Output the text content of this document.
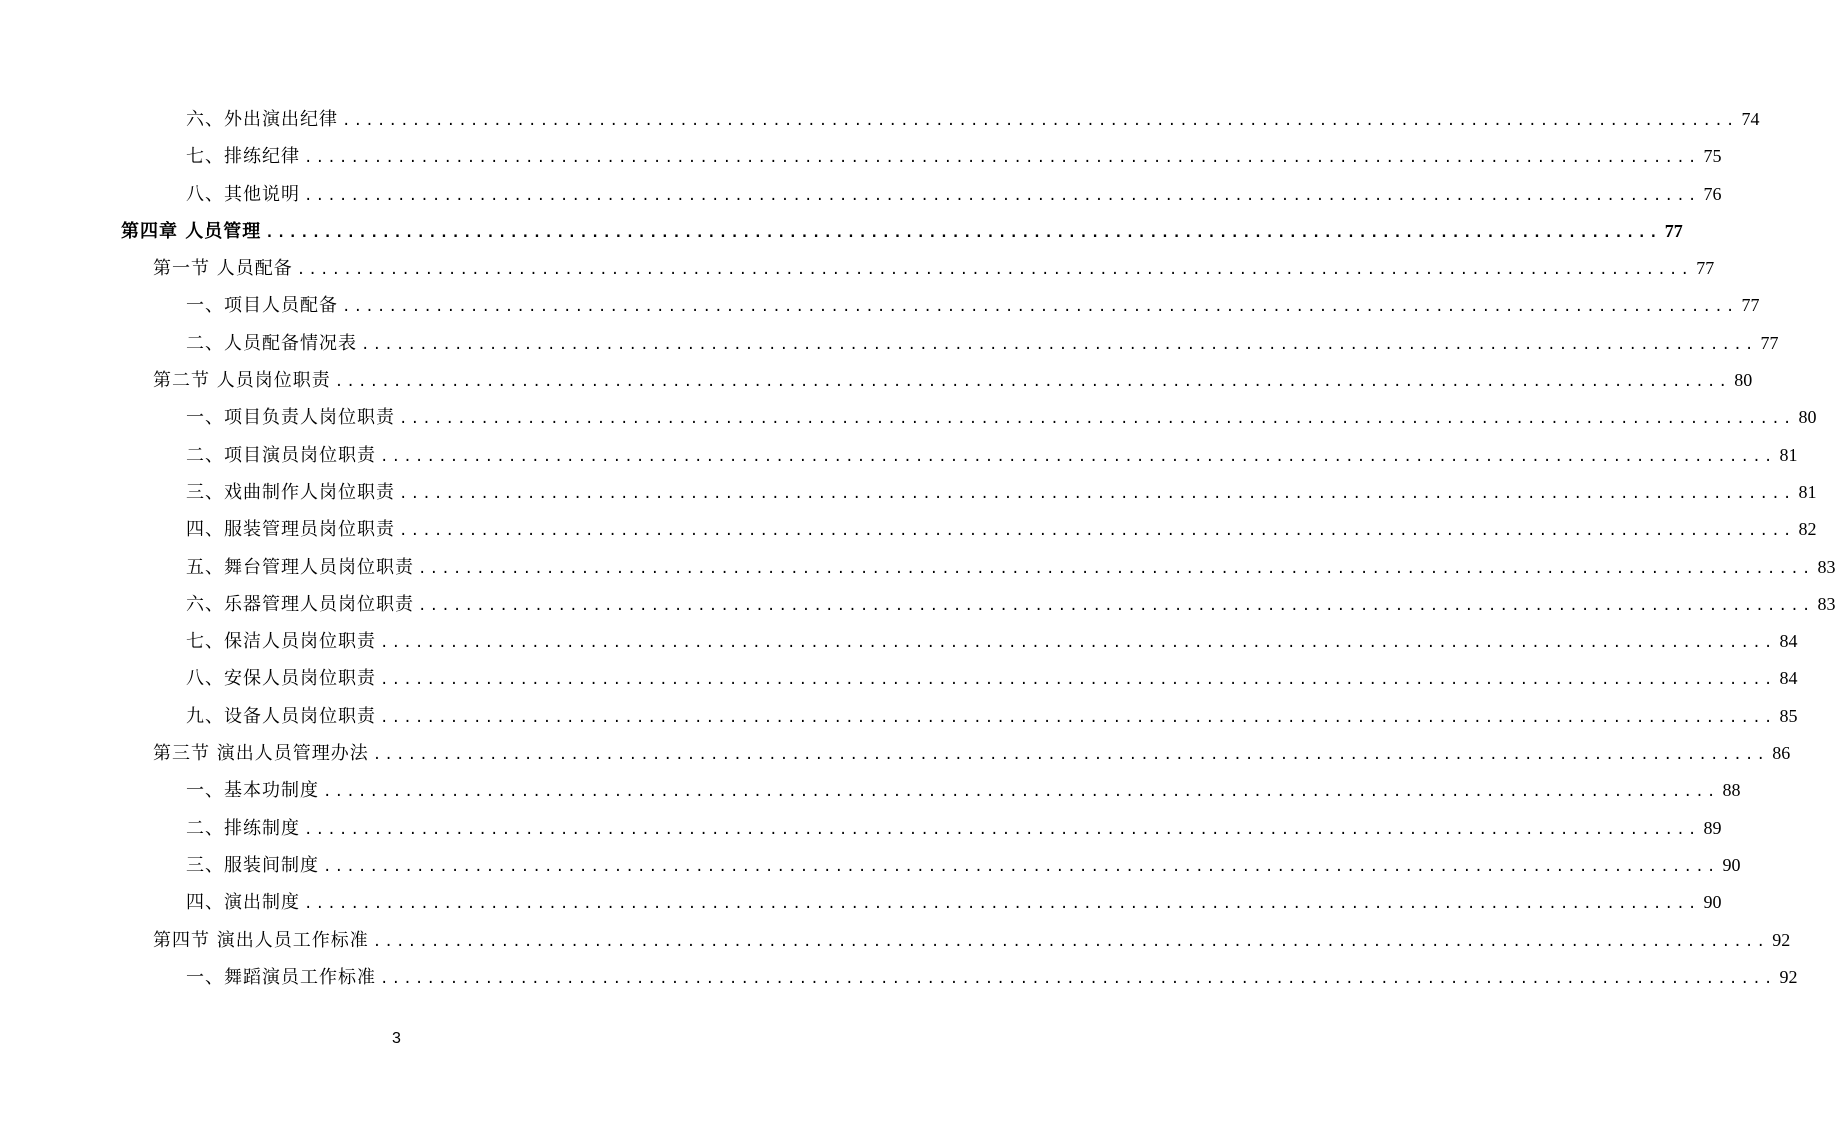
六、外出演出纪律 ........................................................................................................................ 74
七、排练纪律 ........................................................................................................................ 75
八、其他说明 ........................................................................................................................ 76
第四章 人员管理 ........................................................................................................................ 77
第一节 人员配备 ........................................................................................................................ 77
一、项目人员配备 ........................................................................................................................ 77
二、人员配备情况表 ........................................................................................................................ 77
第二节 人员岗位职责 ........................................................................................................................ 80
一、项目负责人岗位职责 ........................................................................................................................ 80
二、项目演员岗位职责 ........................................................................................................................ 81
三、戏曲制作人岗位职责 ........................................................................................................................ 81
四、服装管理员岗位职责 ........................................................................................................................ 82
五、舞台管理人员岗位职责 ........................................................................................................................ 83
六、乐器管理人员岗位职责 ........................................................................................................................ 83
七、保洁人员岗位职责 ........................................................................................................................ 84
八、安保人员岗位职责 ........................................................................................................................ 84
九、设备人员岗位职责 ........................................................................................................................ 85
第三节 演出人员管理办法 ........................................................................................................................ 86
一、基本功制度 ........................................................................................................................ 88
二、排练制度 ........................................................................................................................ 89
三、服装间制度 ........................................................................................................................ 90
四、演出制度 ........................................................................................................................ 90
第四节 演出人员工作标准 ........................................................................................................................ 92
一、舞蹈演员工作标准 ........................................................................................................................ 92
3
